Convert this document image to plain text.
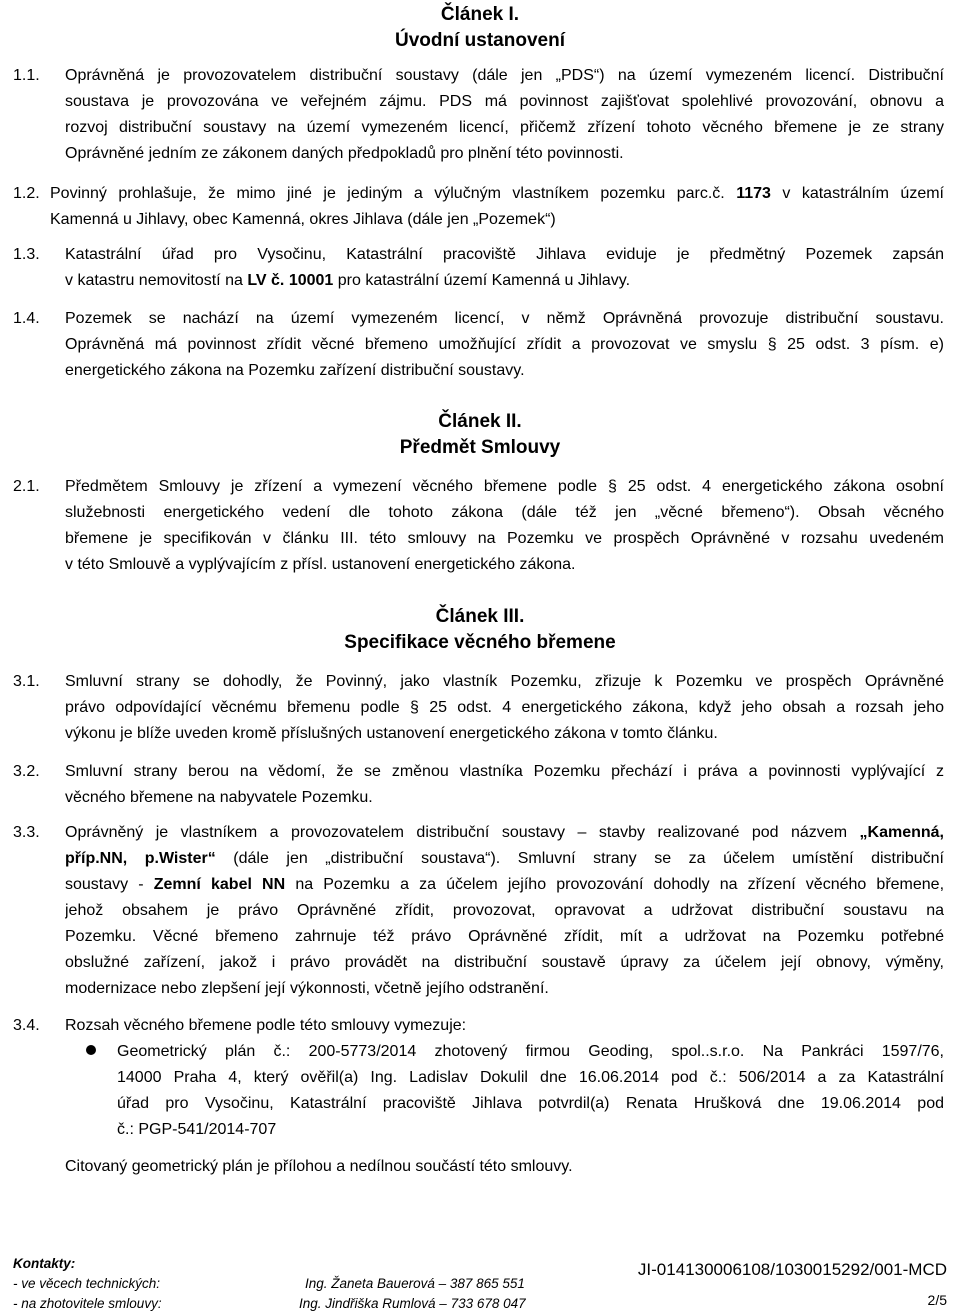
Článek I.
Úvodní ustanovení
1.1. Oprávněná je provozovatelem distribuční soustavy (dále jen „PDS“) na území vymezeném licencí. Distribuční
soustava je provozována ve veřejném zájmu. PDS má povinnost zajišťovat spolehlivé provozování, obnovu a
rozvoj distribuční soustavy na území vymezeném licencí, přičemž zřízení tohoto věcného břemene je ze strany
Oprávněné jedním ze zákonem daných předpokladů pro plnění této povinnosti.
1.2. Povinný prohlašuje, že mimo jiné je jediným a výlučným vlastníkem pozemku parc.č. 1173 v katastrálním území
Kamenná u Jihlavy, obec Kamenná, okres Jihlava (dále jen „Pozemek“)
1.3. Katastrální úřad pro Vysočinu, Katastrální pracoviště Jihlava eviduje je předmětný Pozemek zapsán
v katastru nemovitostí na LV č. 10001 pro katastrální území Kamenná u Jihlavy.
1.4. Pozemek se nachází na území vymezeném licencí, v němž Oprávněná provozuje distribuční soustavu.
Oprávněná má povinnost zřídit věcné břemeno umožňující zřídit a provozovat ve smyslu § 25 odst. 3 písm. e)
energetického zákona na Pozemku zařízení distribuční soustavy.
Článek II.
Předmět Smlouvy
2.1. Předmětem Smlouvy je zřízení a vymezení věcného břemene podle § 25 odst. 4 energetického zákona osobní
služebnosti energetického vedení dle tohoto zákona (dále též jen „věcné břemeno“). Obsah věcného
břemene je specifikován v článku III. této smlouvy na Pozemku ve prospěch Oprávněné v rozsahu uvedeném
v této Smlouvě a vyplývajícím z přísl. ustanovení energetického zákona.
Článek III.
Specifikace věcného břemene
3.1. Smluvní strany se dohodly, že Povinný, jako vlastník Pozemku, zřizuje k Pozemku ve prospěch Oprávněné
právo odpovídající věcnému břemenu podle § 25 odst. 4 energetického zákona, když jeho obsah a rozsah jeho
výkonu je blíže uveden kromě příslušných ustanovení energetického zákona v tomto článku.
3.2. Smluvní strany berou na vědomí, že se změnou vlastníka Pozemku přechází i práva a povinnosti vyplývající z
věcného břemene na nabyvatele Pozemku.
3.3. Oprávněný je vlastníkem a provozovatelem distribuční soustavy – stavby realizované pod názvem „Kamenná,
příp.NN, p.Wister“ (dále jen „distribuční soustava“). Smluvní strany se za účelem umístění distribuční
soustavy - Zemní kabel NN na Pozemku a za účelem jejího provozování dohodly na zřízení věcného břemene,
jehož obsahem je právo Oprávněné zřídit, provozovat, opravovat a udržovat distribuční soustavu na
Pozemku. Věcné břemeno zahrnuje též právo Oprávněné zřídit, mít a udržovat na Pozemku potřebné
obslužné zařízení, jakož i právo provádět na distribuční soustavě úpravy za účelem její obnovy, výměny,
modernizace nebo zlepšení její výkonnosti, včetně jejího odstranění.
3.4. Rozsah věcného břemene podle této smlouvy vymezuje:
Geometrický plán č.: 200-5773/2014 zhotovený firmou Geoding, spol..s.r.o. Na Pankráci 1597/76,
14000 Praha 4, který ověřil(a) Ing. Ladislav Dokulil dne 16.06.2014 pod č.: 506/2014 a za Katastrální
úřad pro Vysočinu, Katastrální pracoviště Jihlava potvrdil(a) Renata Hrušková dne 19.06.2014 pod
č.: PGP-541/2014-707
Citovaný geometrický plán je přílohou a nedílnou součástí této smlouvy.
Kontakty:
- ve věcech technických:	Ing. Žaneta Bauerová – 387 865 551
- na zhotovitele smlouvy:	Ing. Jindřiška Rumlová – 733 678 047
JI-014130006108/1030015292/001-MCD
2/5
